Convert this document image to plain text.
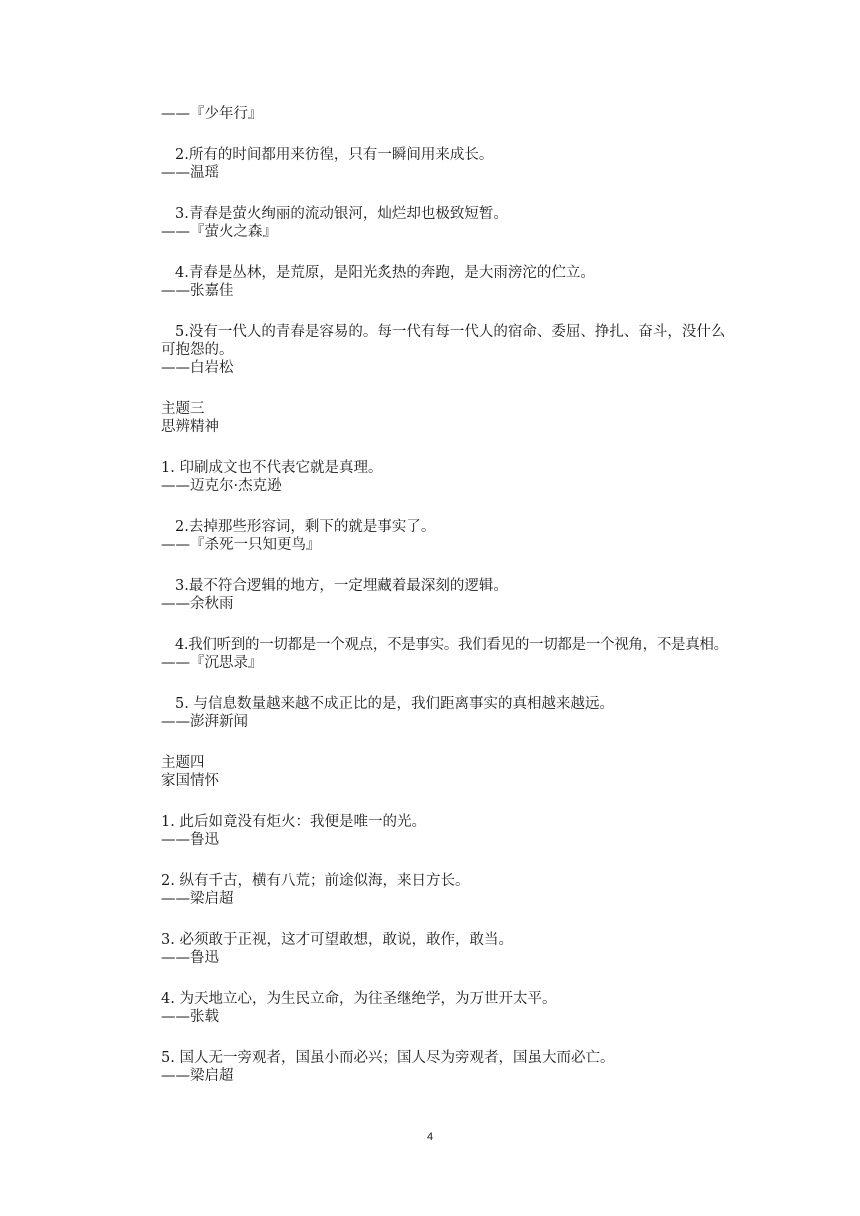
——『少年行』
2.所有的时间都用来彷徨，只有一瞬间用来成长。
——温瑶
3.青春是萤火绚丽的流动银河，灿烂却也极致短暂。
——『萤火之森』
4.青春是丛林，是荒原，是阳光炙热的奔跑，是大雨滂沱的伫立。
——张嘉佳
5.没有一代人的青春是容易的。每一代有每一代人的宿命、委屈、挣扎、奋斗，没什么
可抱怨的。
——白岩松
主题三
思辨精神
1. 印刷成文也不代表它就是真理。
——迈克尔·杰克逊
2.去掉那些形容词，剩下的就是事实了。
——『杀死一只知更鸟』
3.最不符合逻辑的地方，一定埋藏着最深刻的逻辑。
——余秋雨
4.我们听到的一切都是一个观点，不是事实。我们看见的一切都是一个视角，不是真相。
——『沉思录』
5. 与信息数量越来越不成正比的是，我们距离事实的真相越来越远。
——澎湃新闻
主题四
家国情怀
1. 此后如竟没有炬火：我便是唯一的光。
——鲁迅
2. 纵有千古，横有八荒；前途似海，来日方长。
——梁启超
3. 必须敢于正视，这才可望敢想，敢说，敢作，敢当。
——鲁迅
4. 为天地立心，为生民立命，为往圣继绝学，为万世开太平。
——张载
5. 国人无一旁观者，国虽小而必兴；国人尽为旁观者，国虽大而必亡。
——梁启超
4
